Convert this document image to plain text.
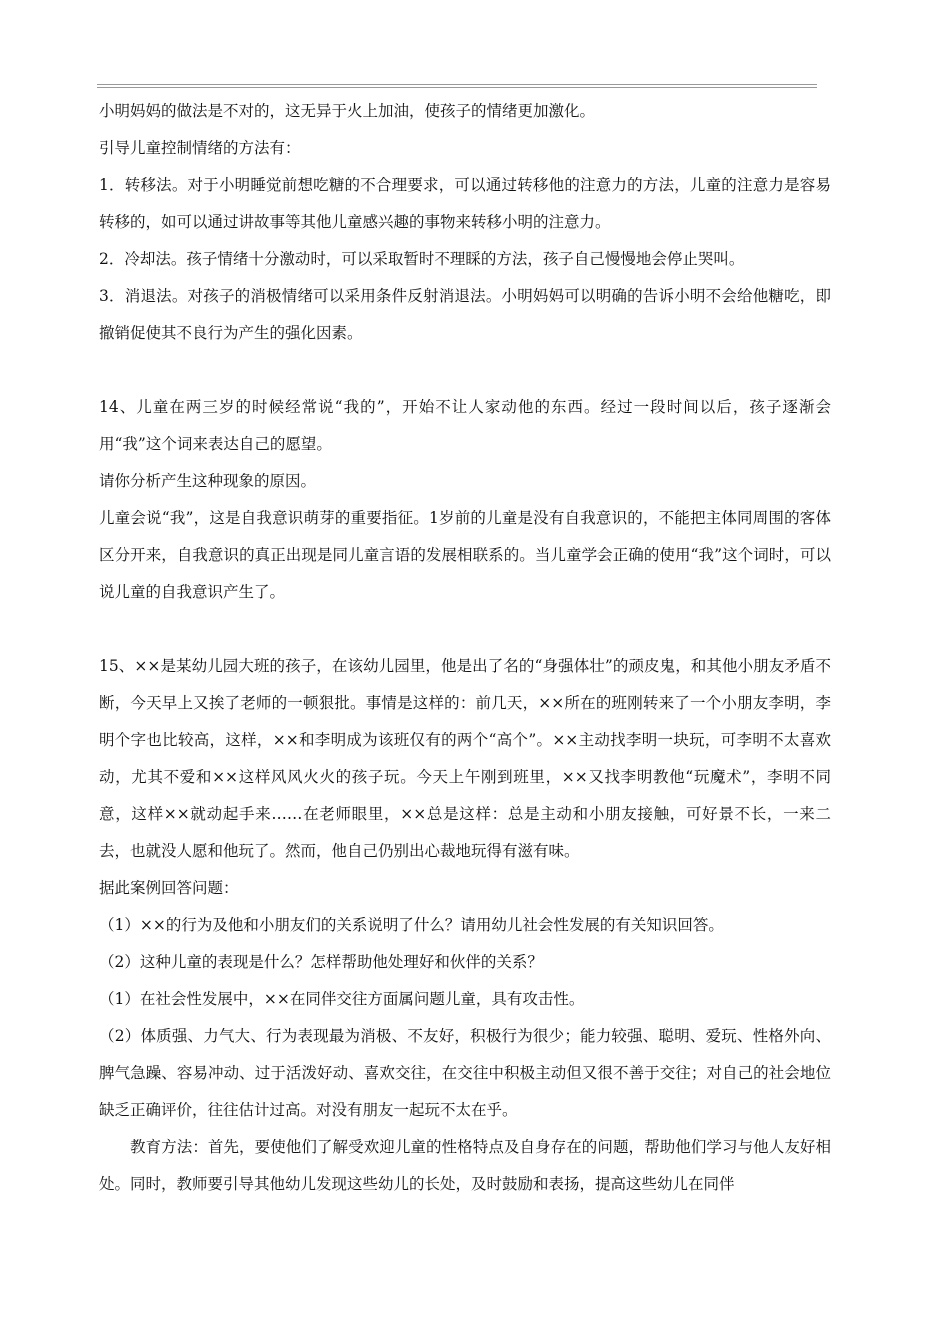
小明妈妈的做法是不对的，这无异于火上加油，使孩子的情绪更加激化。

引导儿童控制情绪的方法有：

1．转移法。对于小明睡觉前想吃糖的不合理要求，可以通过转移他的注意力的方法，儿童的注意力是容易转移的，如可以通过讲故事等其他儿童感兴趣的事物来转移小明的注意力。

2．冷却法。孩子情绪十分激动时，可以采取暂时不理睬的方法，孩子自己慢慢地会停止哭叫。

3．消退法。对孩子的消极情绪可以采用条件反射消退法。小明妈妈可以明确的告诉小明不会给他糖吃，即撤销促使其不良行为产生的强化因素。

14、儿童在两三岁的时候经常说“我的”，开始不让人家动他的东西。经过一段时间以后，孩子逐渐会用“我”这个词来表达自己的愿望。

请你分析产生这种现象的原因。

儿童会说“我”，这是自我意识萌芽的重要指征。1岁前的儿童是没有自我意识的，不能把主体同周围的客体区分开来，自我意识的真正出现是同儿童言语的发展相联系的。当儿童学会正确的使用“我”这个词时，可以说儿童的自我意识产生了。

15、××是某幼儿园大班的孩子，在该幼儿园里，他是出了名的“身强体壮”的顽皮鬼，和其他小朋友矛盾不断，今天早上又挨了老师的一顿狠批。事情是这样的：前几天，××所在的班刚转来了一个小朋友李明，李明个字也比较高，这样，××和李明成为该班仅有的两个“高个”。××主动找李明一块玩，可李明不太喜欢动，尤其不爱和××这样风风火火的孩子玩。今天上午刚到班里，××又找李明教他“玩魔术”，李明不同意，这样××就动起手来……在老师眼里，××总是这样：总是主动和小朋友接触，可好景不长，一来二去，也就没人愿和他玩了。然而，他自己仍别出心裁地玩得有滋有味。

据此案例回答问题：

（1）××的行为及他和小朋友们的关系说明了什么？请用幼儿社会性发展的有关知识回答。

（2）这种儿童的表现是什么？怎样帮助他处理好和伙伴的关系？

（1）在社会性发展中，××在同伴交往方面属问题儿童，具有攻击性。

（2）体质强、力气大、行为表现最为消极、不友好，积极行为很少；能力较强、聪明、爱玩、性格外向、脾气急躁、容易冲动、过于活泼好动、喜欢交往，在交往中积极主动但又很不善于交往；对自己的社会地位缺乏正确评价，往往估计过高。对没有朋友一起玩不太在乎。

教育方法：首先，要使他们了解受欢迎儿童的性格特点及自身存在的问题，帮助他们学习与他人友好相处。同时，教师要引导其他幼儿发现这些幼儿的长处，及时鼓励和表扬，提高这些幼儿在同伴
